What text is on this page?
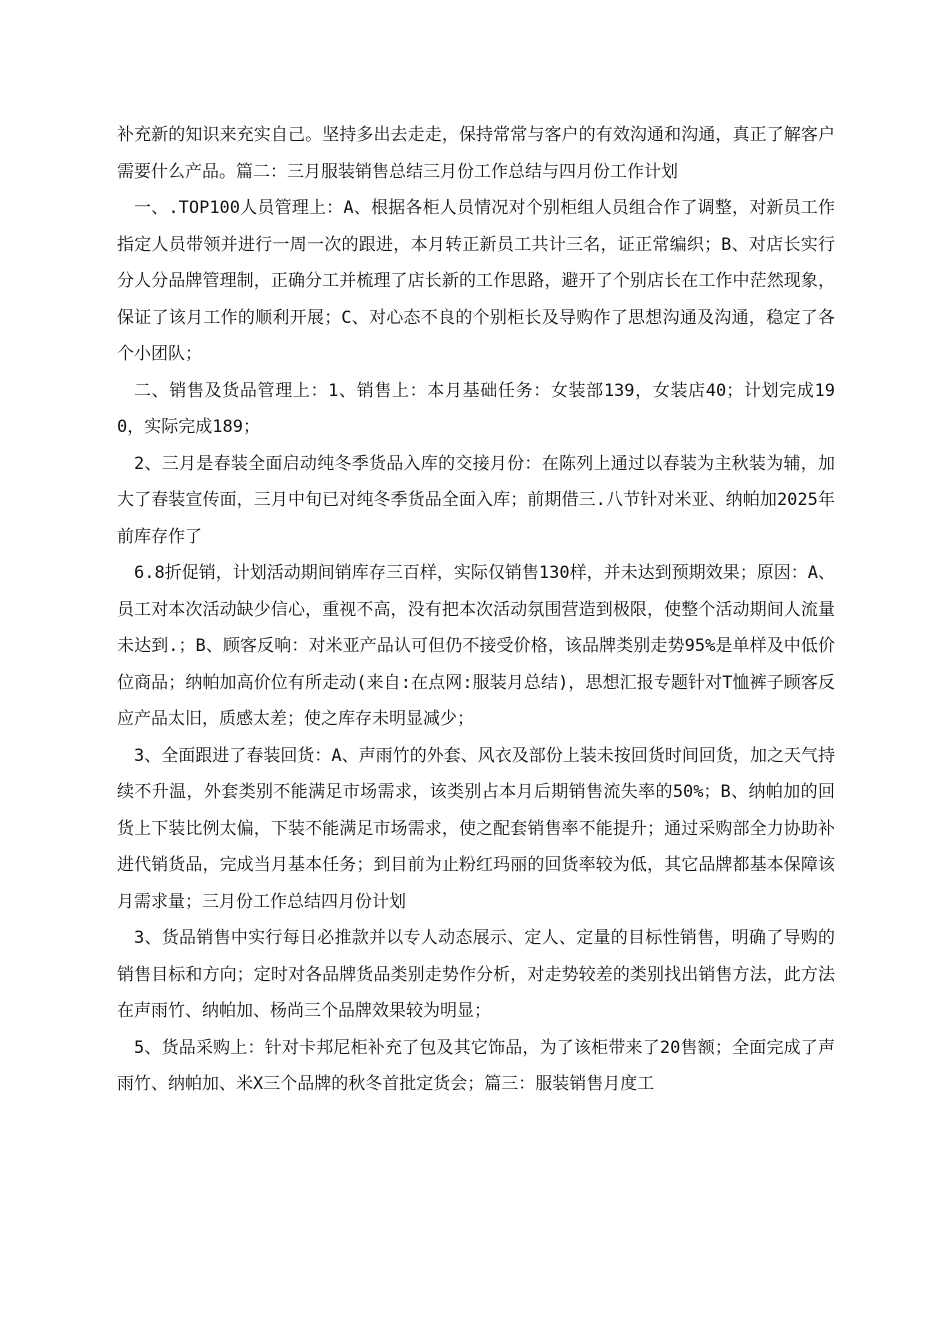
补充新的知识来充实自己。坚持多出去走走，保持常常与客户的有效沟通和沟通，真正了解客户需要什么产品。篇二：三月服装销售总结三月份工作总结与四月份工作计划

一、.TOP100人员管理上：A、根据各柜人员情况对个别柜组人员组合作了调整，对新员工作指定人员带领并进行一周一次的跟进，本月转正新员工共计三名，证正常编织；B、对店长实行分人分品牌管理制，正确分工并梳理了店长新的工作思路，避开了个别店长在工作中茫然现象，保证了该月工作的顺利开展；C、对心态不良的个别柜长及导购作了思想沟通及沟通，稳定了各个小团队；

二、销售及货品管理上：1、销售上：本月基础任务：女装部139，女装店40；计划完成190，实际完成189；

2、三月是春装全面启动纯冬季货品入库的交接月份：在陈列上通过以春装为主秋装为辅，加大了春装宣传面，三月中旬已对纯冬季货品全面入库；前期借三.八节针对米亚、纳帕加2025年前库存作了

6.8折促销，计划活动期间销库存三百样，实际仅销售130样，并未达到预期效果；原因：A、员工对本次活动缺少信心，重视不高，没有把本次活动氛围营造到极限，使整个活动期间人流量未达到.；B、顾客反响：对米亚产品认可但仍不接受价格，该品牌类别走势95%是单样及中低价位商品；纳帕加高价位有所走动(来自:在点网:服装月总结)，思想汇报专题针对T恤裤子顾客反应产品太旧，质感太差；使之库存未明显减少；

3、全面跟进了春装回货：A、声雨竹的外套、风衣及部份上装未按回货时间回货，加之天气持续不升温，外套类别不能满足市场需求，该类别占本月后期销售流失率的50%；B、纳帕加的回货上下装比例太偏，下装不能满足市场需求，使之配套销售率不能提升；通过采购部全力协助补进代销货品，完成当月基本任务；到目前为止粉红玛丽的回货率较为低，其它品牌都基本保障该月需求量；三月份工作总结四月份计划

3、货品销售中实行每日必推款并以专人动态展示、定人、定量的目标性销售，明确了导购的销售目标和方向；定时对各品牌货品类别走势作分析，对走势较差的类别找出销售方法，此方法在声雨竹、纳帕加、杨尚三个品牌效果较为明显；

5、货品采购上：针对卡邦尼柜补充了包及其它饰品，为了该柜带来了20售额；全面完成了声雨竹、纳帕加、米X三个品牌的秋冬首批定货会；篇三：服装销售月度工
